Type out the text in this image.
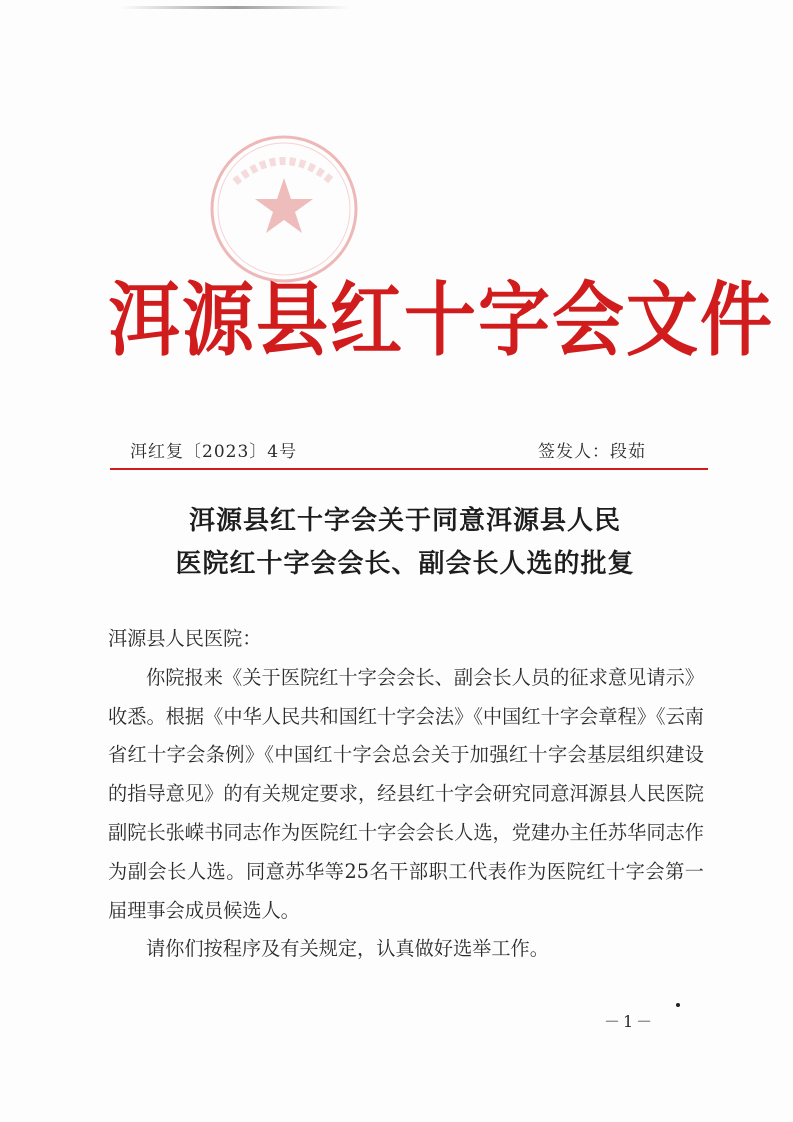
洱源县红十字会文件
洱红复〔2023〕4号	签发人：段茹
洱源县红十字会关于同意洱源县人民
医院红十字会会长、副会长人选的批复

洱源县人民医院：

你院报来《关于医院红十字会会长、副会长人员的征求意见请示》收悉。根据《中华人民共和国红十字会法》《中国红十字会章程》《云南省红十字会条例》《中国红十字会总会关于加强红十字会基层组织建设的指导意见》的有关规定要求，经县红十字会研究同意洱源县人民医院副院长张嵘书同志作为医院红十字会会长人选，党建办主任苏华同志作为副会长人选。同意苏华等25名干部职工代表作为医院红十字会第一届理事会成员候选人。

请你们按程序及有关规定，认真做好选举工作。

－1－
